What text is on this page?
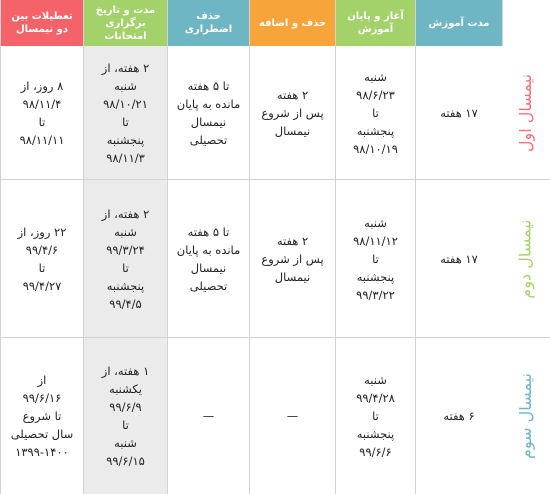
مدت آموزش
آغاز و پایان
آموزش
حذف و اضافه
حذف اضطراری
مدت و تاریخ
برگزاری امتحانات
تعطیلات بین
دو نیمسال
نیمسال اول
۱۷ هفته
شنبه
۹۸/۶/۲۳
تا
پنجشنبه
۹۸/۱۰/۱۹
۲ هفته
پس از شروع
نیمسال
تا ۵ هفته
مانده به پایان
نیمسال
تحصیلی
۲ هفته، از
شنبه
۹۸/۱۰/۲۱
تا
پنجشنبه
۹۸/۱۱/۳
۸ روز، از
۹۸/۱۱/۴
تا
۹۸/۱۱/۱۱
نیمسال دوم
۱۷ هفته
شنبه
۹۸/۱۱/۱۲
تا
پنجشنبه
۹۹/۳/۲۲
۲ هفته
پس از شروع
نیمسال
تا ۵ هفته
مانده به پایان
نیمسال
تحصیلی
۲ هفته، از
شنبه
۹۹/۳/۲۴
تا
پنجشنبه
۹۹/۴/۵
۲۲ روز، از
۹۹/۴/۶
تا
۹۹/۴/۲۷
نیمسال سوم
۶ هفته
شنبه
۹۹/۴/۲۸
تا
پنجشنبه
۹۹/۶/۶
—
—
۱ هفته، از
یکشنبه
۹۹/۶/۹
تا
شنبه
۹۹/۶/۱۵
از
۹۹/۶/۱۶
تا شروع
سال تحصیلی
۱۳۹۹-۱۴۰۰
